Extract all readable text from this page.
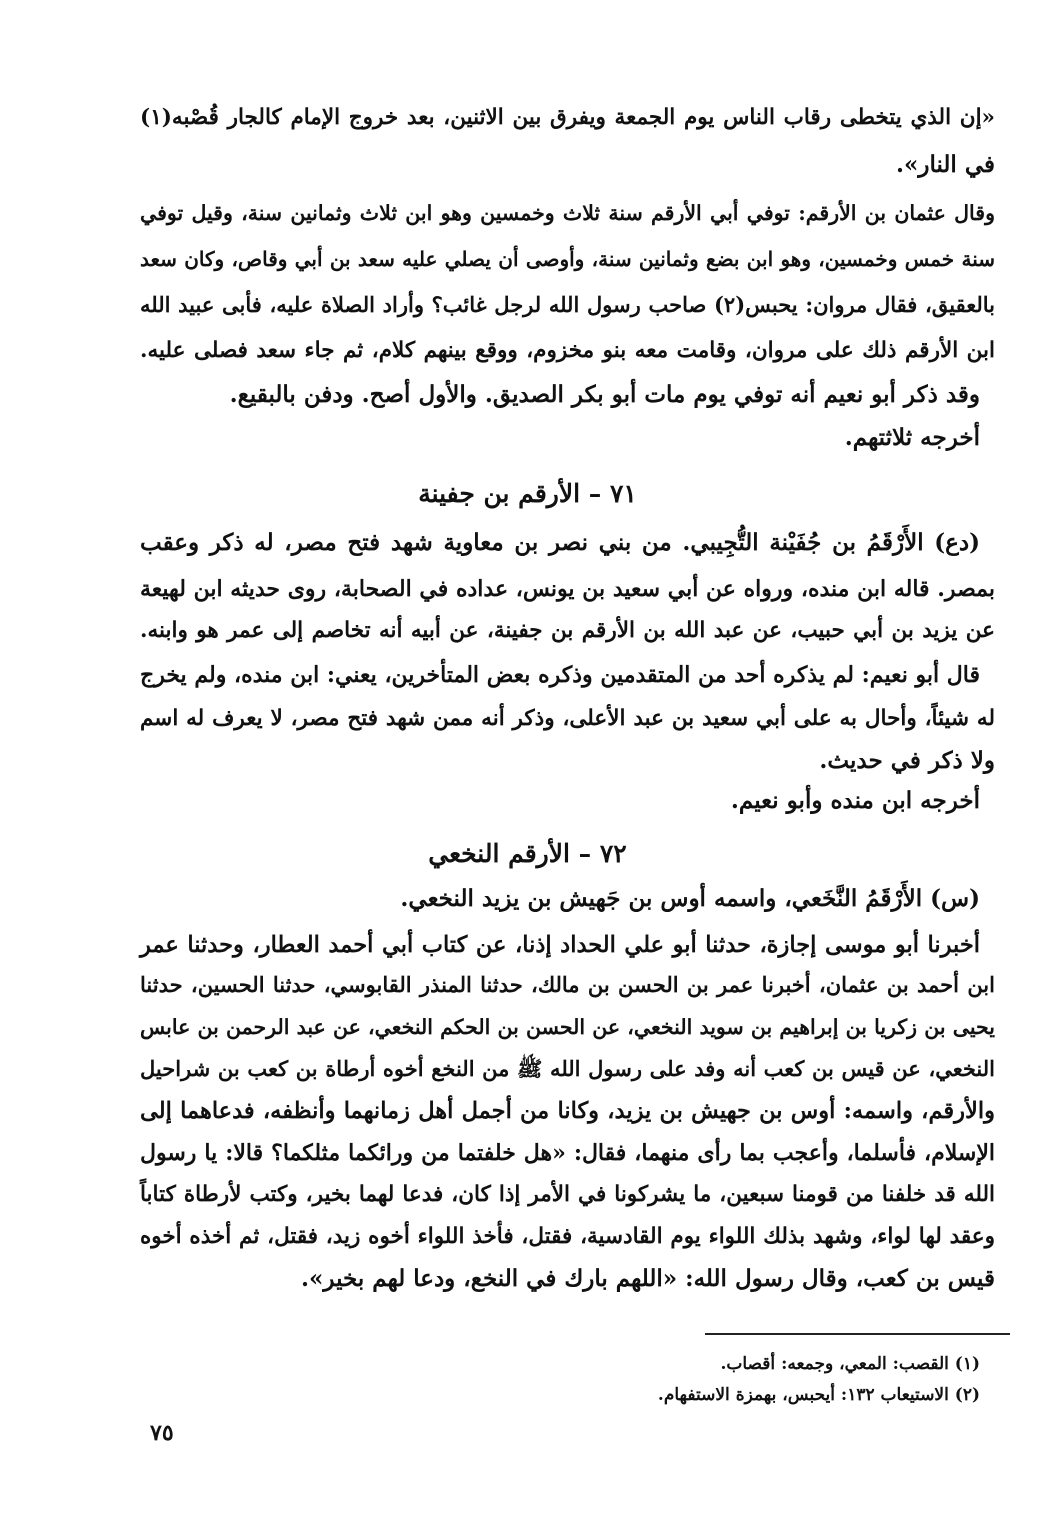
«إن الذي يتخطى رقاب الناس يوم الجمعة ويفرق بين الاثنين، بعد خروج الإمام كالجار قُصْبه(١)
في النار».
وقال عثمان بن الأرقم: توفي أبي الأرقم سنة ثلاث وخمسين وهو ابن ثلاث وثمانين سنة، وقيل توفي
سنة خمس وخمسين، وهو ابن بضع وثمانين سنة، وأوصى أن يصلي عليه سعد بن أبي وقاص، وكان سعد
بالعقيق، فقال مروان: يحبس(٢) صاحب رسول الله لرجل غائب؟ وأراد الصلاة عليه، فأبى عبيد الله
ابن الأرقم ذلك على مروان، وقامت معه بنو مخزوم، ووقع بينهم كلام، ثم جاء سعد فصلى عليه.
وقد ذكر أبو نعيم أنه توفي يوم مات أبو بكر الصديق. والأول أصح. ودفن بالبقيع.
أخرجه ثلاثتهم.
٧١ – الأرقم بن جفينة
(دع) الأَرْقَمُ بن جُفَيْنة التُّجِيبي. من بني نصر بن معاوية شهد فتح مصر، له ذكر وعقب
بمصر. قاله ابن منده، ورواه عن أبي سعيد بن يونس، عداده في الصحابة، روى حديثه ابن لهيعة
عن يزيد بن أبي حبيب، عن عبد الله بن الأرقم بن جفينة، عن أبيه أنه تخاصم إلى عمر هو وابنه.
قال أبو نعيم: لم يذكره أحد من المتقدمين وذكره بعض المتأخرين، يعني: ابن منده، ولم يخرج
له شيئاً، وأحال به على أبي سعيد بن عبد الأعلى، وذكر أنه ممن شهد فتح مصر، لا يعرف له اسم
ولا ذكر في حديث.
أخرجه ابن منده وأبو نعيم.
٧٢ – الأرقم النخعي
(س) الأَرْقَمُ النَّخَعي، واسمه أوس بن جَهيش بن يزيد النخعي.
أخبرنا أبو موسى إجازة، حدثنا أبو علي الحداد إذنا، عن كتاب أبي أحمد العطار، وحدثنا عمر
ابن أحمد بن عثمان، أخبرنا عمر بن الحسن بن مالك، حدثنا المنذر القابوسي، حدثنا الحسين، حدثنا
يحيى بن زكريا بن إبراهيم بن سويد النخعي، عن الحسن بن الحكم النخعي، عن عبد الرحمن بن عابس
النخعي، عن قيس بن كعب أنه وفد على رسول الله ﷺ من النخع أخوه أرطاة بن كعب بن شراحيل
والأرقم، واسمه: أوس بن جهيش بن يزيد، وكانا من أجمل أهل زمانهما وأنظفه، فدعاهما إلى
الإسلام، فأسلما، وأعجب بما رأى منهما، فقال: «هل خلفتما من ورائكما مثلكما؟ قالا: يا رسول
الله قد خلفنا من قومنا سبعين، ما يشركونا في الأمر إذا كان، فدعا لهما بخير، وكتب لأرطاة كتاباً
وعقد لها لواء، وشهد بذلك اللواء يوم القادسية، فقتل، فأخذ اللواء أخوه زيد، فقتل، ثم أخذه أخوه
قيس بن كعب، وقال رسول الله: «اللهم بارك في النخع، ودعا لهم بخير».
(١) القصب: المعي، وجمعه: أقصاب.
(٢) الاستيعاب ١٣٢: أيحبس، بهمزة الاستفهام.
٧٥
